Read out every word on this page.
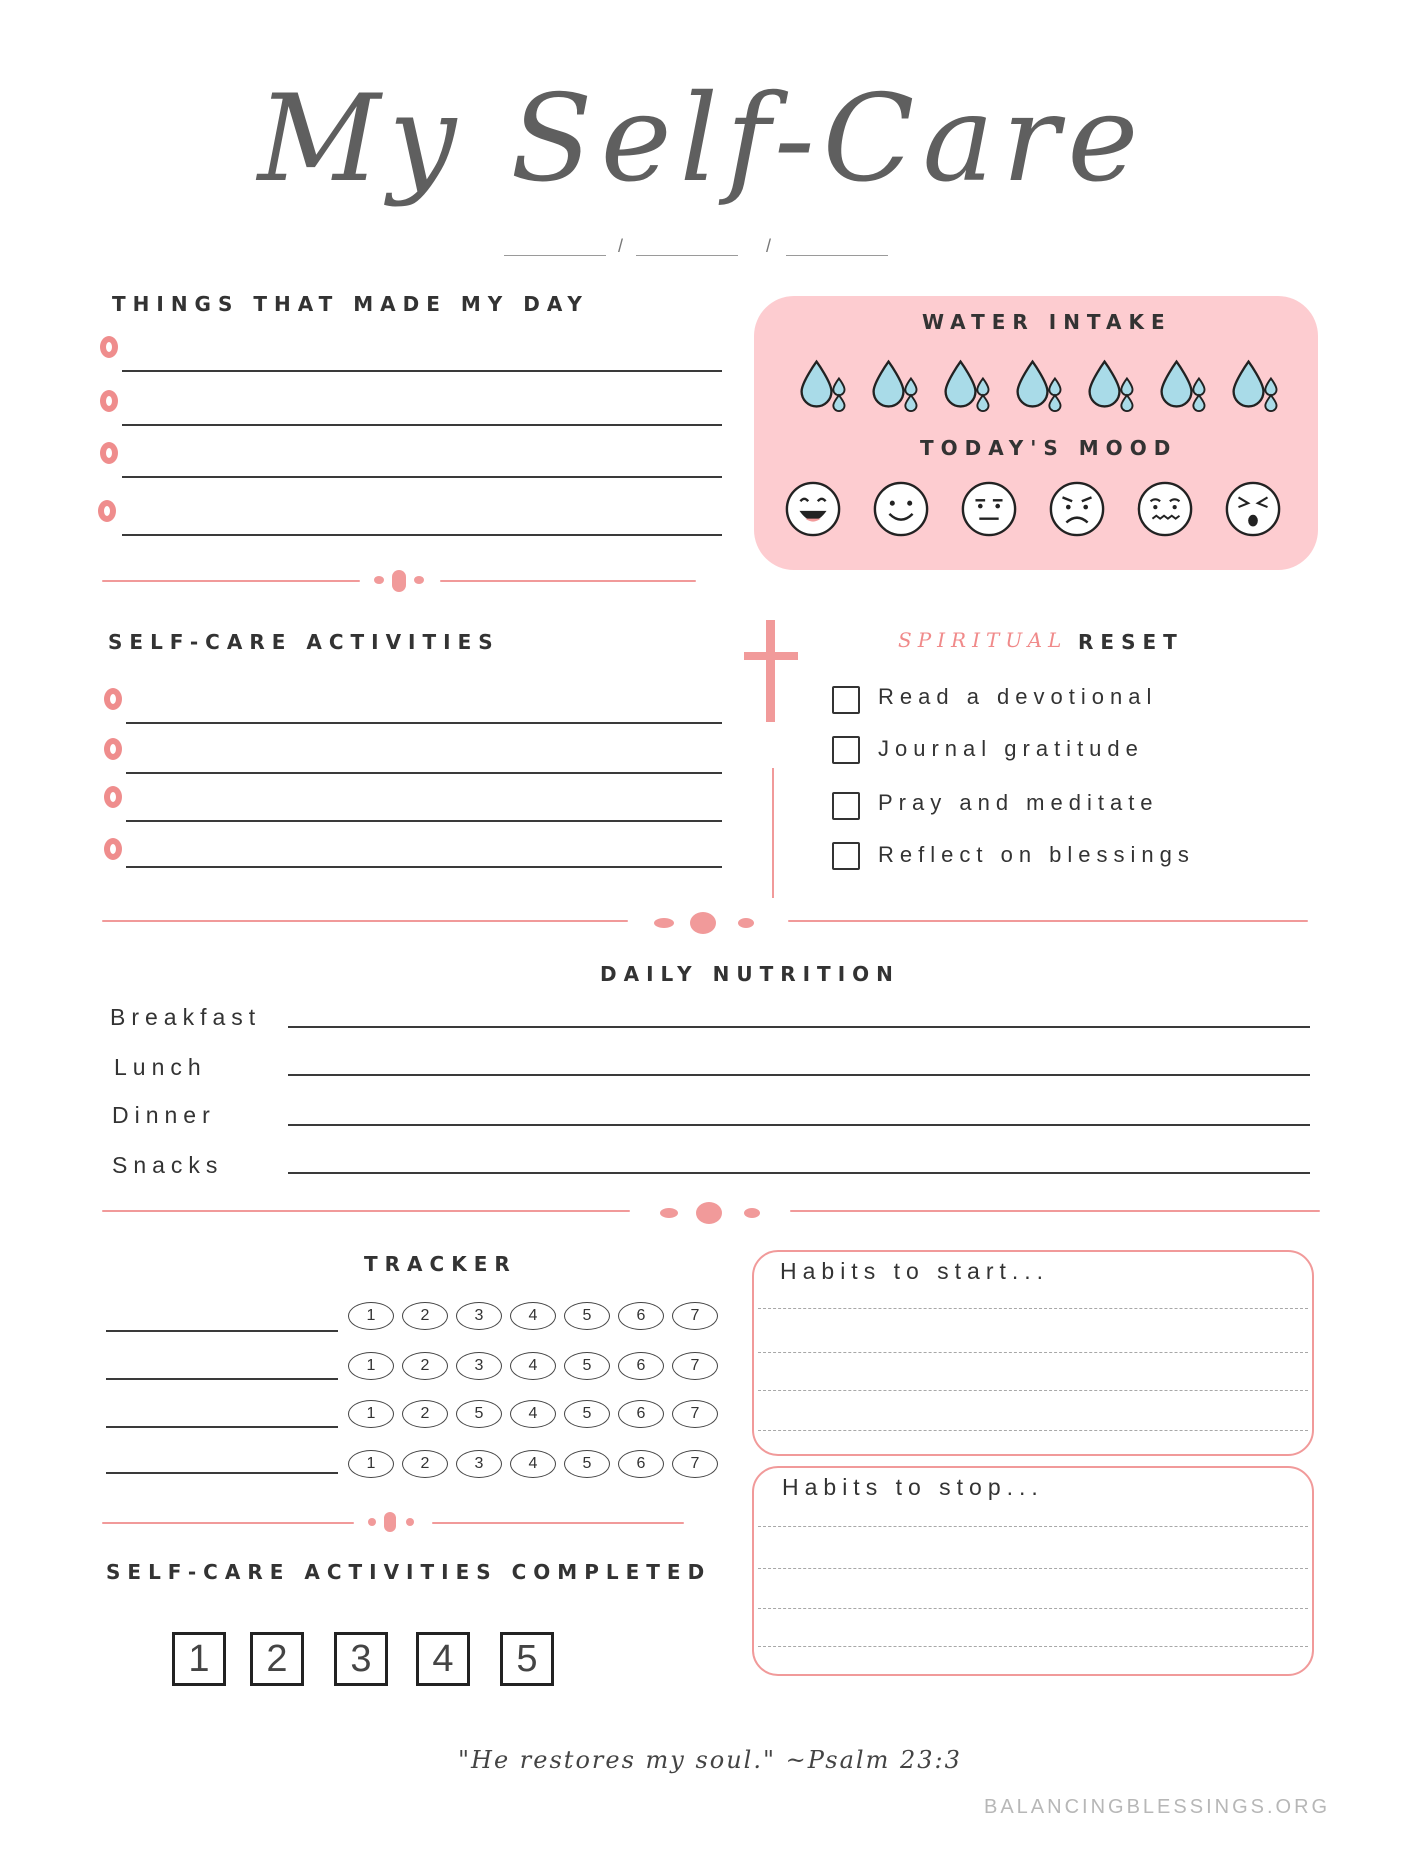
My Self-Care
/	/
THINGS THAT MADE MY DAY
WATER INTAKE
TODAY'S MOOD
SELF-CARE ACTIVITIES	SPIRITUAL RESET
Read a devotional
Journal gratitude
Pray and meditate
Reflect on blessings
DAILY NUTRITION
Breakfast
Lunch
Dinner
Snacks
TRACKER
1	2	3	4	5	6	7
1	2	3	4	5	6	7
1	2	5	4	5	6	7
1	2	3	4	5	6	7
SELF-CARE ACTIVITIES COMPLETED
1	2	3	4	5
Habits to start...
Habits to stop...
"He restores my soul." ~Psalm 23:3
BALANCINGBLESSINGS.ORG
